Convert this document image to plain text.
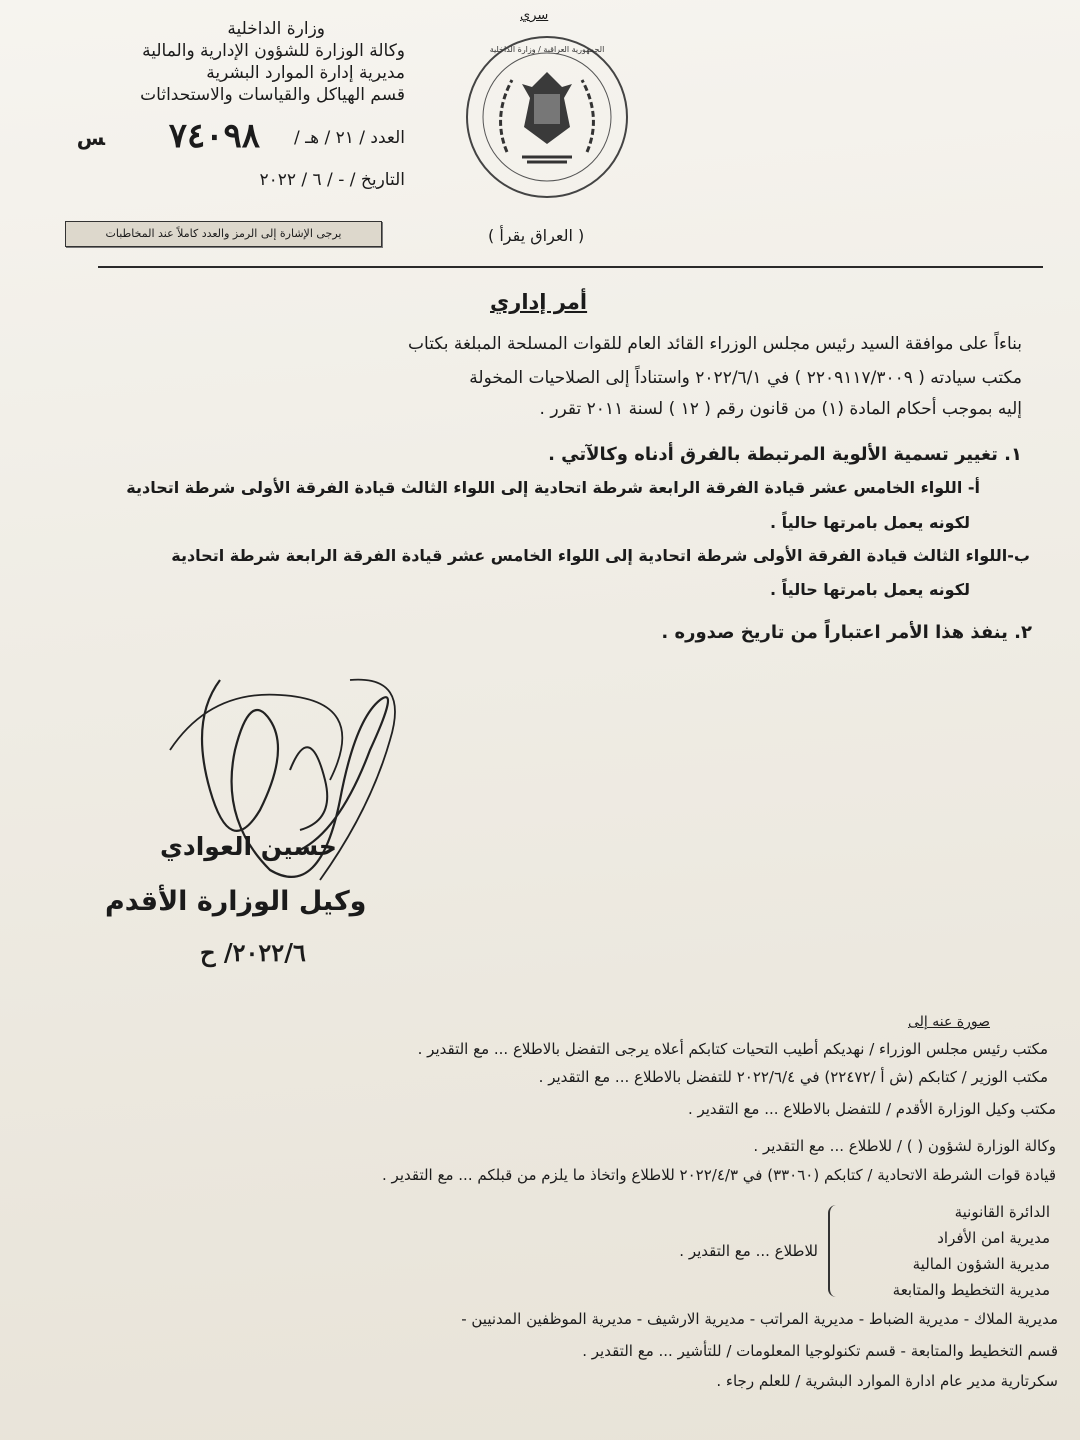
سري
وزارة الداخلية
وكالة الوزارة للشؤون الإدارية والمالية
مديرية إدارة الموارد البشرية
قسم الهياكل والقياسات والاستحداثات
العدد / ٢١ / هـ /
٧٤٠٩٨
ﺲ
التاريخ / - / ٦ / ٢٠٢٢
يرجى الإشارة إلى الرمز والعدد كاملاً عند المخاطبات
الجمهورية العراقية / وزارة الداخلية
( العراق يقرأ )
أمر إداري
بناءاً على موافقة السيد رئيس مجلس الوزراء القائد العام للقوات المسلحة المبلغة بكتاب
مكتب سيادته ( ٢٢٠٩١١٧/٣٠٠٩ ) في ٢٠٢٢/٦/١ واستناداً إلى الصلاحيات المخولة
إليه بموجب أحكام المادة (١) من قانون رقم ( ١٢ ) لسنة ٢٠١١ تقرر .
١. تغيير تسمية الألوية المرتبطة بالفرق أدناه وكالآتي .
أ- اللواء الخامس عشر قيادة الفرقة الرابعة شرطة اتحادية إلى اللواء الثالث قيادة الفرقة الأولى شرطة اتحادية
لكونه يعمل بامرتها حالياً .
ب-اللواء الثالث قيادة الفرقة الأولى شرطة اتحادية إلى اللواء الخامس عشر قيادة الفرقة الرابعة شرطة اتحادية
لكونه يعمل بامرتها حالياً .
٢. ينفذ هذا الأمر اعتباراً من تاريخ صدوره .
حسين العوادي
وكيل الوزارة الأقدم
٢٠٢٢/٦/ ح
صورة عنه إلى
مكتب رئيس مجلس الوزراء / نهديكم أطيب التحيات كتابكم أعلاه يرجى التفضل بالاطلاع ... مع التقدير .
مكتب الوزير / كتابكم (ش أ /٢٢٤٧٢) في ٢٠٢٢/٦/٤ للتفضل بالاطلاع ... مع التقدير .
مكتب وكيل الوزارة الأقدم / للتفضل بالاطلاع ... مع التقدير .
وكالة الوزارة لشؤون ( ) / للاطلاع ... مع التقدير .
قيادة قوات الشرطة الاتحادية / كتابكم (٣٣٠٦٠) في ٢٠٢٢/٤/٣ للاطلاع واتخاذ ما يلزم من قبلكم ... مع التقدير .
الدائرة القانونية
مديرية امن الأفراد
مديرية الشؤون المالية
مديرية التخطيط والمتابعة
للاطلاع ... مع التقدير .
مديرية الملاك - مديرية الضباط - مديرية المراتب - مديرية الارشيف - مديرية الموظفين المدنيين -
قسم التخطيط والمتابعة - قسم تكنولوجيا المعلومات / للتأشير ... مع التقدير .
سكرتارية مدير عام ادارة الموارد البشرية / للعلم رجاء .
